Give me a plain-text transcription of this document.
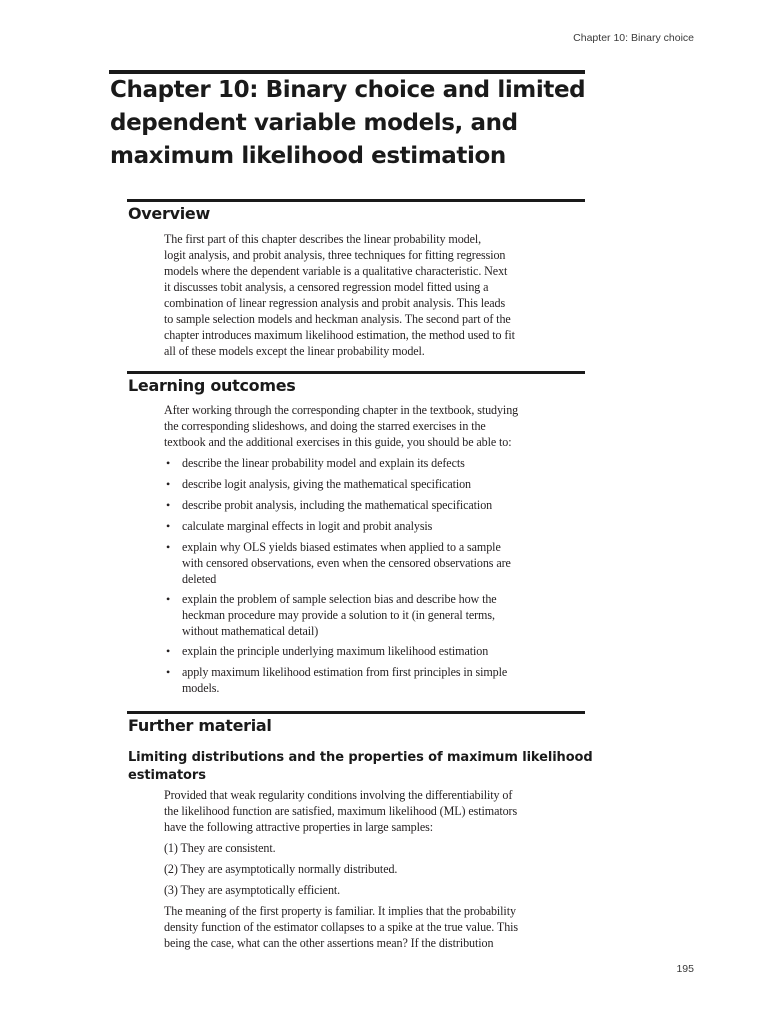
Chapter 10: Binary choice
Chapter 10: Binary choice and limited
dependent variable models, and
maximum likelihood estimation
Overview
The first part of this chapter describes the linear probability model,
logit analysis, and probit analysis, three techniques for fitting regression
models where the dependent variable is a qualitative characteristic. Next
it discusses tobit analysis, a censored regression model fitted using a
combination of linear regression analysis and probit analysis. This leads
to sample selection models and heckman analysis. The second part of the
chapter introduces maximum likelihood estimation, the method used to fit
all of these models except the linear probability model.
Learning outcomes
After working through the corresponding chapter in the textbook, studying
the corresponding slideshows, and doing the starred exercises in the
textbook and the additional exercises in this guide, you should be able to:
• describe the linear probability model and explain its defects
• describe logit analysis, giving the mathematical specification
• describe probit analysis, including the mathematical specification
• calculate marginal effects in logit and probit analysis
• explain why OLS yields biased estimates when applied to a sample
with censored observations, even when the censored observations are
deleted
• explain the problem of sample selection bias and describe how the
heckman procedure may provide a solution to it (in general terms,
without mathematical detail)
• explain the principle underlying maximum likelihood estimation
• apply maximum likelihood estimation from first principles in simple
models.
Further material
Limiting distributions and the properties of maximum likelihood
estimators
Provided that weak regularity conditions involving the differentiability of
the likelihood function are satisfied, maximum likelihood (ML) estimators
have the following attractive properties in large samples:
(1) They are consistent.
(2) They are asymptotically normally distributed.
(3) They are asymptotically efficient.
The meaning of the first property is familiar. It implies that the probability
density function of the estimator collapses to a spike at the true value. This
being the case, what can the other assertions mean? If the distribution
195
